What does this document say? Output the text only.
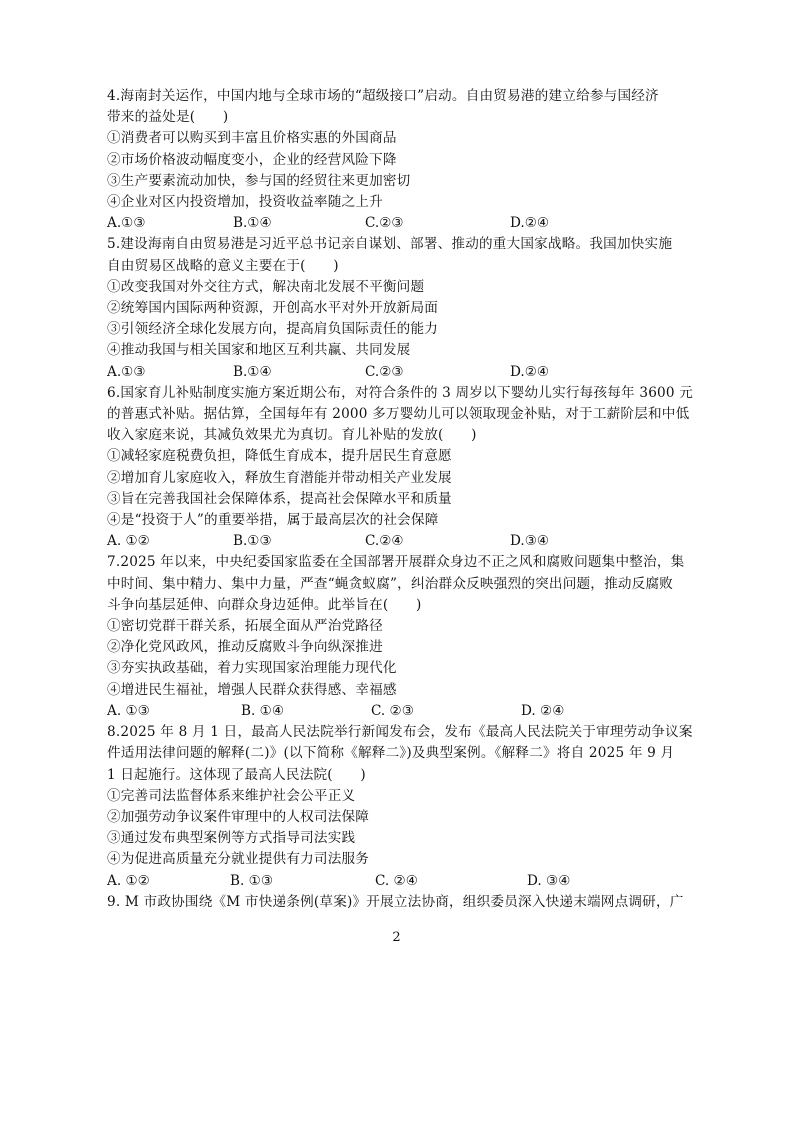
4.海南封关运作，中国内地与全球市场的“超级接口”启动。自由贸易港的建立给参与国经济
带来的益处是(　　)
①消费者可以购买到丰富且价格实惠的外国商品
②市场价格波动幅度变小，企业的经营风险下降
③生产要素流动加快，参与国的经贸往来更加密切
④企业对区内投资增加，投资收益率随之上升
A.①③	B.①④	C.②③	D.②④
5.建设海南自由贸易港是习近平总书记亲自谋划、部署、推动的重大国家战略。我国加快实施
自由贸易区战略的意义主要在于(　　)
①改变我国对外交往方式，解决南北发展不平衡问题
②统筹国内国际两种资源，开创高水平对外开放新局面
③引领经济全球化发展方向，提高肩负国际责任的能力
④推动我国与相关国家和地区互利共赢、共同发展
A.①③	B.①④	C.②③	D.②④
6.国家育儿补贴制度实施方案近期公布，对符合条件的 3 周岁以下婴幼儿实行每孩每年 3600 元
的普惠式补贴。据估算，全国每年有 2000 多万婴幼儿可以领取现金补贴，对于工薪阶层和中低
收入家庭来说，其减负效果尤为真切。育儿补贴的发放(　　)
①减轻家庭税费负担，降低生育成本，提升居民生育意愿
②增加育儿家庭收入，释放生育潜能并带动相关产业发展
③旨在完善我国社会保障体系，提高社会保障水平和质量
④是“投资于人”的重要举措，属于最高层次的社会保障
A. ①②	B.①③	C.②④	D.③④
7.2025 年以来，中央纪委国家监委在全国部署开展群众身边不正之风和腐败问题集中整治，集
中时间、集中精力、集中力量，严查“蝇贪蚁腐”，纠治群众反映强烈的突出问题，推动反腐败
斗争向基层延伸、向群众身边延伸。此举旨在(　　)
①密切党群干群关系，拓展全面从严治党路径
②净化党风政风，推动反腐败斗争向纵深推进
③夯实执政基础，着力实现国家治理能力现代化
④增进民生福祉，增强人民群众获得感、幸福感
A. ①③	B. ①④	C. ②③	D. ②④
8.2025 年 8 月 1 日，最高人民法院举行新闻发布会，发布《最高人民法院关于审理劳动争议案
件适用法律问题的解释(二)》(以下简称《解释二》)及典型案例。《解释二》将自 2025 年 9 月
1 日起施行。这体现了最高人民法院(　　)
①完善司法监督体系来维护社会公平正义
②加强劳动争议案件审理中的人权司法保障
③通过发布典型案例等方式指导司法实践
④为促进高质量充分就业提供有力司法服务
A. ①②	B. ①③	C. ②④	D. ③④
9. M 市政协围绕《M 市快递条例(草案)》开展立法协商，组织委员深入快递末端网点调研，广
2
